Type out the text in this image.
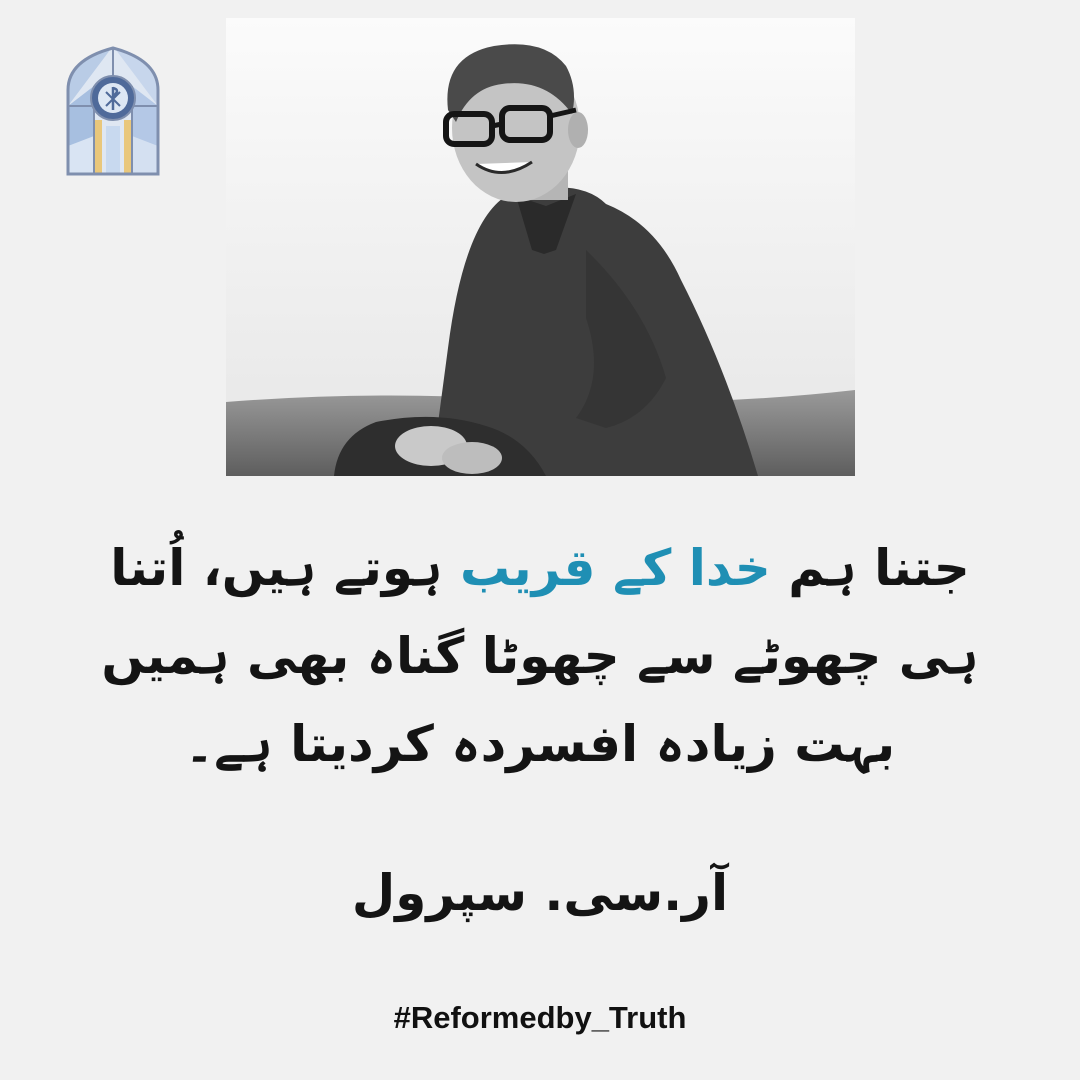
جتنا ہم خدا کے قریب ہوتے ہیں، اُتنا ہی چھوٹے سے چھوٹا گناہ بھی ہمیں بہت زیادہ افسردہ کردیتا ہے۔
آر.سی. سپرول
#Reformedby_Truth
